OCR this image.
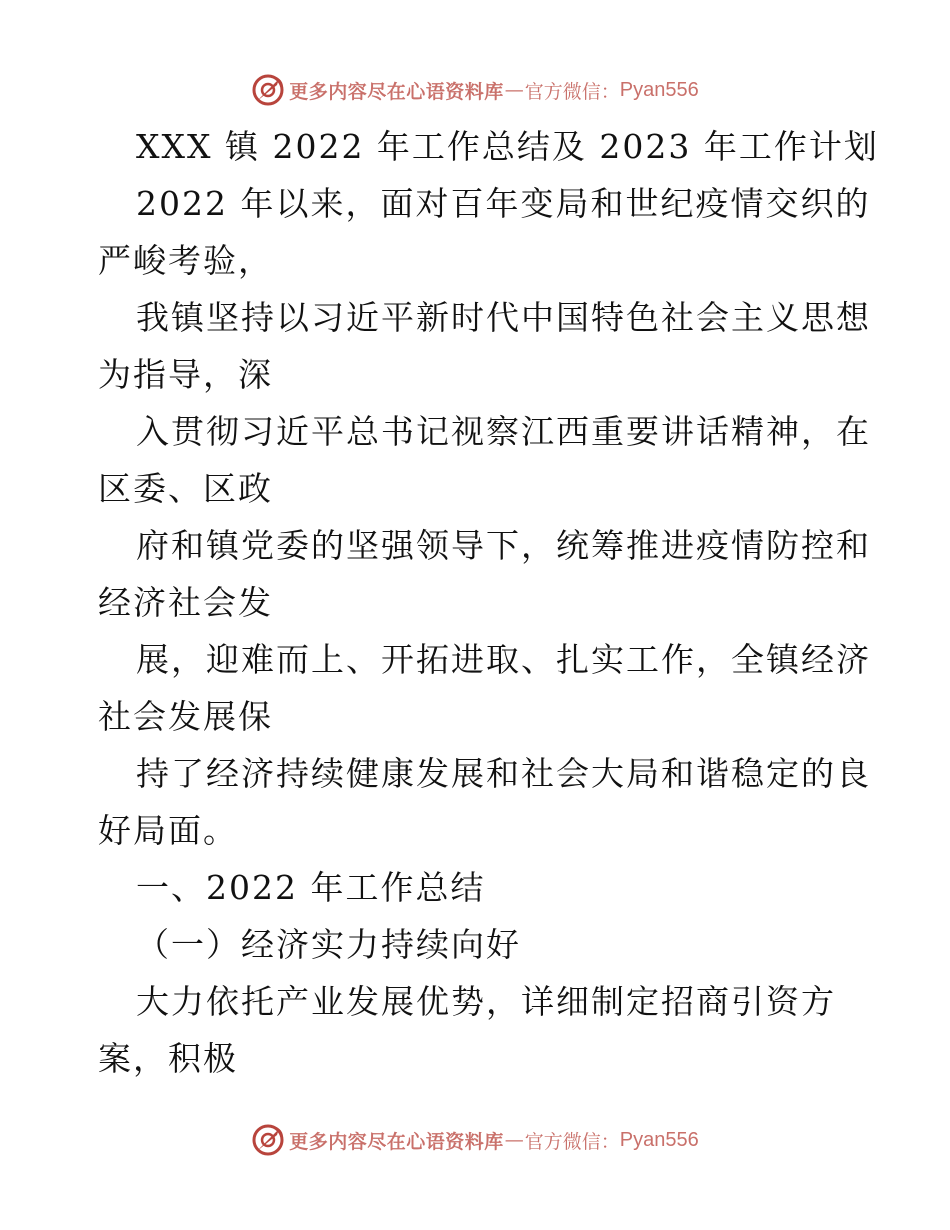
更多内容尽在心语资料库 — 官方微信： Pyan556
XXX 镇 2022 年工作总结及 2023 年工作计划
2022 年以来，面对百年变局和世纪疫情交织的
严峻考验，
我镇坚持以习近平新时代中国特色社会主义思想
为指导，深
入贯彻习近平总书记视察江西重要讲话精神，在
区委、区政
府和镇党委的坚强领导下，统筹推进疫情防控和
经济社会发
展，迎难而上、开拓进取、扎实工作，全镇经济
社会发展保
持了经济持续健康发展和社会大局和谐稳定的良
好局面。
一、2022 年工作总结
（一）经济实力持续向好
大力依托产业发展优势，详细制定招商引资方
案，积极
更多内容尽在心语资料库 — 官方微信： Pyan556
